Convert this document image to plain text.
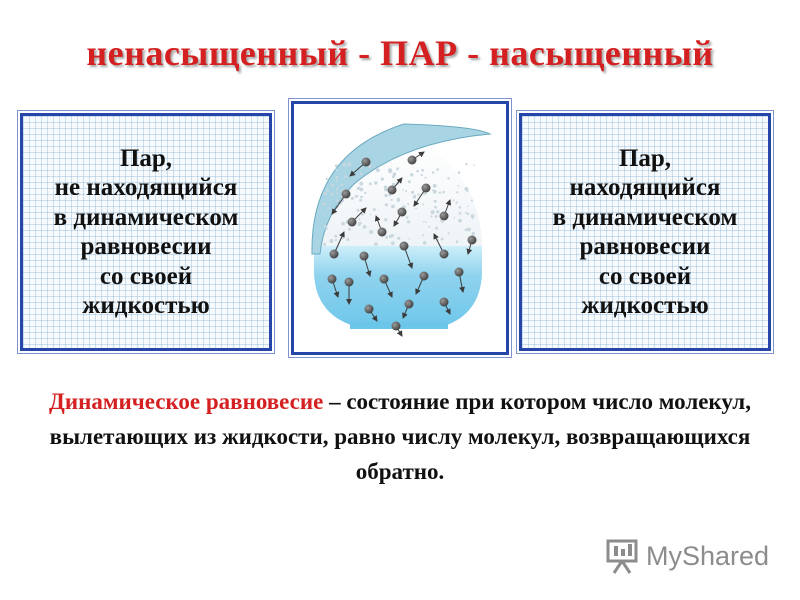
ненасыщенный - ПАР - насыщенный
Пар,
не находящийся
в динамическом
равновесии
со своей
жидкостью
Пар,
находящийся
в динамическом
равновесии
со своей
жидкостью
Динамическое равновесие – состояние при котором число молекул, вылетающих из жидкости, равно числу молекул, возвращающихся обратно.
MyShared
